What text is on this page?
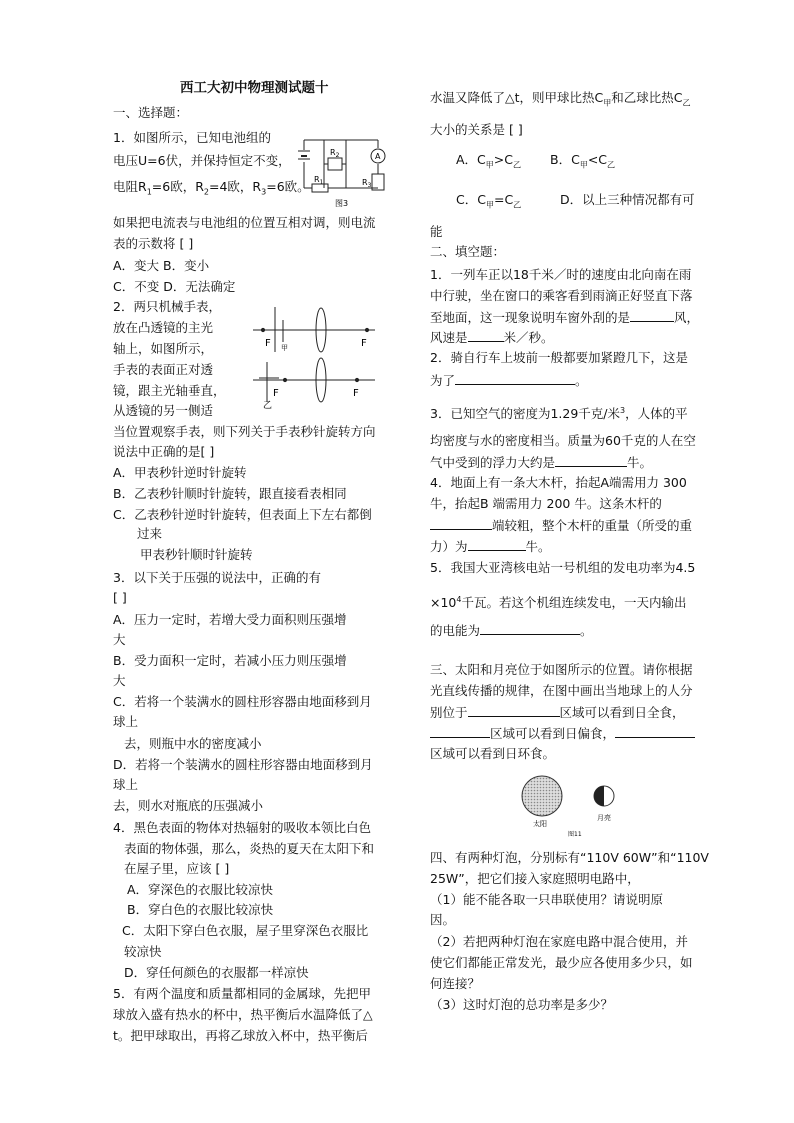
西工大初中物理测试题十
一、选择题：
1．如图所示，已知电池组的
电压U=6伏，并保持恒定不变，
电阻$R_1=6$欧，$R_2=4$欧，$R_3=6$欧。
$R_2$
$R_1$	$R_3$
A
图3
如果把电流表与电池组的位置互相对调，则电流
表的示数将 [ ]
A．变大 B．变小
C．不变 D．无法确定
2．两只机械手表，
放在凸透镜的主光
轴上，如图所示，
手表的表面正对透
镜，跟主光轴垂直，
从透镜的另一侧适
F 甲	F
F
乙
F
当位置观察手表，则下列关于手表秒针旋转方向
说法中正确的是[ ]
A．甲表秒针逆时针旋转
B．乙表秒针顺时针旋转，跟直接看表相同
C．乙表秒针逆时针旋转，但表面上下左右都倒
过来
甲表秒针顺时针旋转
3．以下关于压强的说法中，正确的有
[ ]
A．压力一定时，若增大受力面积则压强增
大
B．受力面积一定时，若减小压力则压强增
大
C．若将一个装满水的圆柱形容器由地面移到月
球上
去，则瓶中水的密度减小
D．若将一个装满水的圆柱形容器由地面移到月
球上
去，则水对瓶底的压强减小
4．黑色表面的物体对热辐射的吸收本领比白色
表面的物体强，那么，炎热的夏天在太阳下和
在屋子里，应该 [ ]
A．穿深色的衣服比较凉快
B．穿白色的衣服比较凉快
C．太阳下穿白色衣服，屋子里穿深色衣服比
较凉快
D．穿任何颜色的衣服都一样凉快
5．有两个温度和质量都相同的金属球，先把甲
球放入盛有热水的杯中，热平衡后水温降低了△
t。把甲球取出，再将乙球放入杯中，热平衡后
水温又降低了△t，则甲球比热$C_甲$和乙球比热$C_乙$
大小的关系是 [ ]
A．$C_甲>C_乙$ B．$C_甲<C_乙$
C．$C_甲=C_乙$	D．以上三种情况都有可
能
二、填空题：
1．一列车正以18千米／时的速度由北向南在雨
中行驶，坐在窗口的乘客看到雨滴正好竖直下落
至地面，这一现象说明车窗外刮的是	风，
风速是	米／秒。
2．骑自行车上坡前一般都要加紧蹬几下，这是
为了	。
3．已知空气的密度为1.29千克/米$^3$，人体的平
均密度与水的密度相当。质量为60千克的人在空
气中受到的浮力大约是	牛。
4．地面上有一条大木杆，抬起A端需用力 300
牛，抬起B 端需用力 200 牛。这条木杆的
端较粗，整个木杆的重量（所受的重
力）为	牛。
5．我国大亚湾核电站一号机组的发电功率为4.5
$\times 10^4$千瓦。若这个机组连续发电，一天内输出
的电能为	。
三、太阳和月亮位于如图所示的位置。请你根据
光直线传播的规律，在图中画出当地球上的人分
别位于	区域可以看到日全食，
区域可以看到日偏食，
区域可以看到日环食。
太阳
月亮
图11
四、有两种灯泡，分别标有“110V 60W”和“110V
25W”，把它们接入家庭照明电路中，
（1）能不能各取一只串联使用？请说明原
因。
（2）若把两种灯泡在家庭电路中混合使用，并
使它们都能正常发光，最少应各使用多少只，如
何连接？
（3）这时灯泡的总功率是多少？
